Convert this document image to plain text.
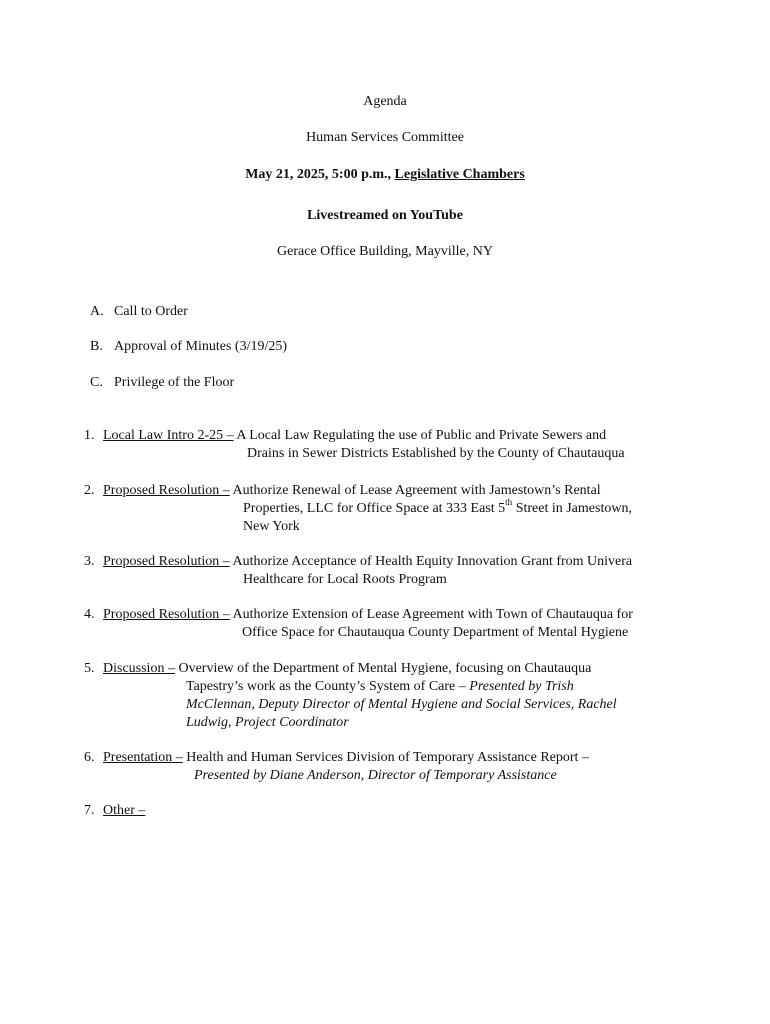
Agenda
Human Services Committee
May 21, 2025, 5:00 p.m., Legislative Chambers
Livestreamed on YouTube
Gerace Office Building, Mayville, NY
A. Call to Order
B. Approval of Minutes (3/19/25)
C. Privilege of the Floor
1. Local Law Intro 2-25 – A Local Law Regulating the use of Public and Private Sewers and
Drains in Sewer Districts Established by the County of Chautauqua
2. Proposed Resolution – Authorize Renewal of Lease Agreement with Jamestown’s Rental
Properties, LLC for Office Space at 333 East 5th Street in Jamestown,
New York
3. Proposed Resolution – Authorize Acceptance of Health Equity Innovation Grant from Univera
Healthcare for Local Roots Program
4. Proposed Resolution – Authorize Extension of Lease Agreement with Town of Chautauqua for
Office Space for Chautauqua County Department of Mental Hygiene
5. Discussion – Overview of the Department of Mental Hygiene, focusing on Chautauqua
Tapestry’s work as the County’s System of Care – Presented by Trish
McClennan, Deputy Director of Mental Hygiene and Social Services, Rachel
Ludwig, Project Coordinator
6. Presentation – Health and Human Services Division of Temporary Assistance Report –
Presented by Diane Anderson, Director of Temporary Assistance
7. Other –
